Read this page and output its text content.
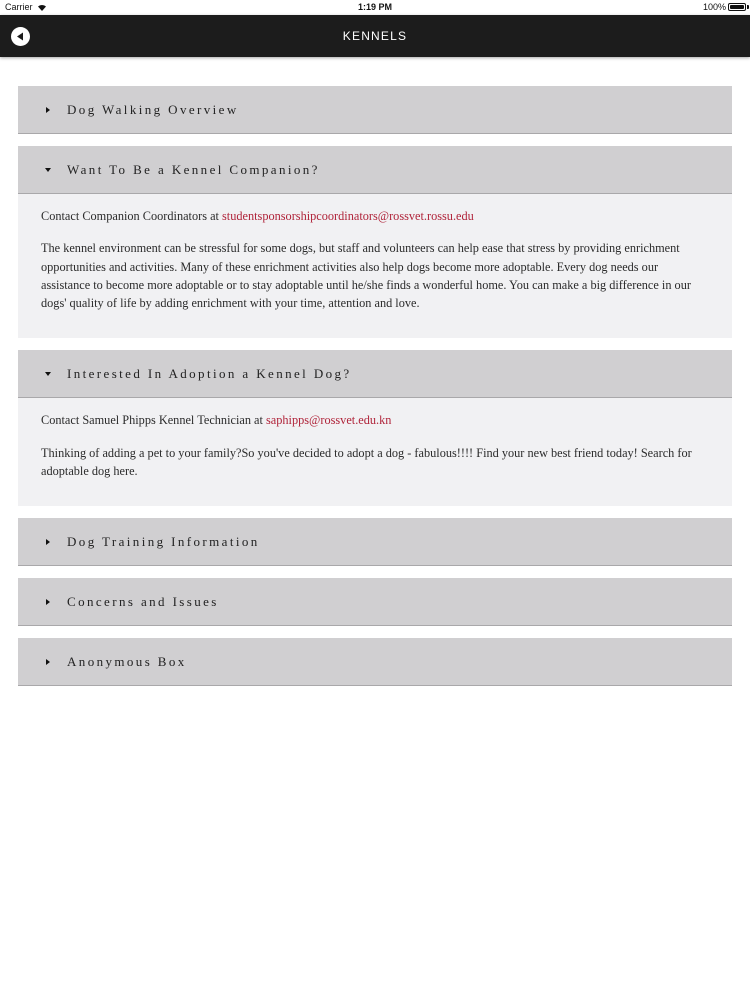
Carrier	1:19 PM	100%
KENNELS
Dog Walking Overview
Want To Be a Kennel Companion?

Contact Companion Coordinators at studentsponsorshipcoordinators@rossvet.rossu.edu

The kennel environment can be stressful for some dogs, but staff and volunteers can help ease that stress by providing enrichment opportunities and activities. Many of these enrichment activities also help dogs become more adoptable. Every dog needs our assistance to become more adoptable or to stay adoptable until he/she finds a wonderful home. You can make a big difference in our dogs' quality of life by adding enrichment with your time, attention and love.

Interested In Adoption a Kennel Dog?

Contact Samuel Phipps Kennel Technician at saphipps@rossvet.edu.kn

Thinking of adding a pet to your family?So you've decided to adopt a dog - fabulous!!!! Find your new best friend today! Search for adoptable dog here.

Dog Training Information
Concerns and Issues
Anonymous Box
